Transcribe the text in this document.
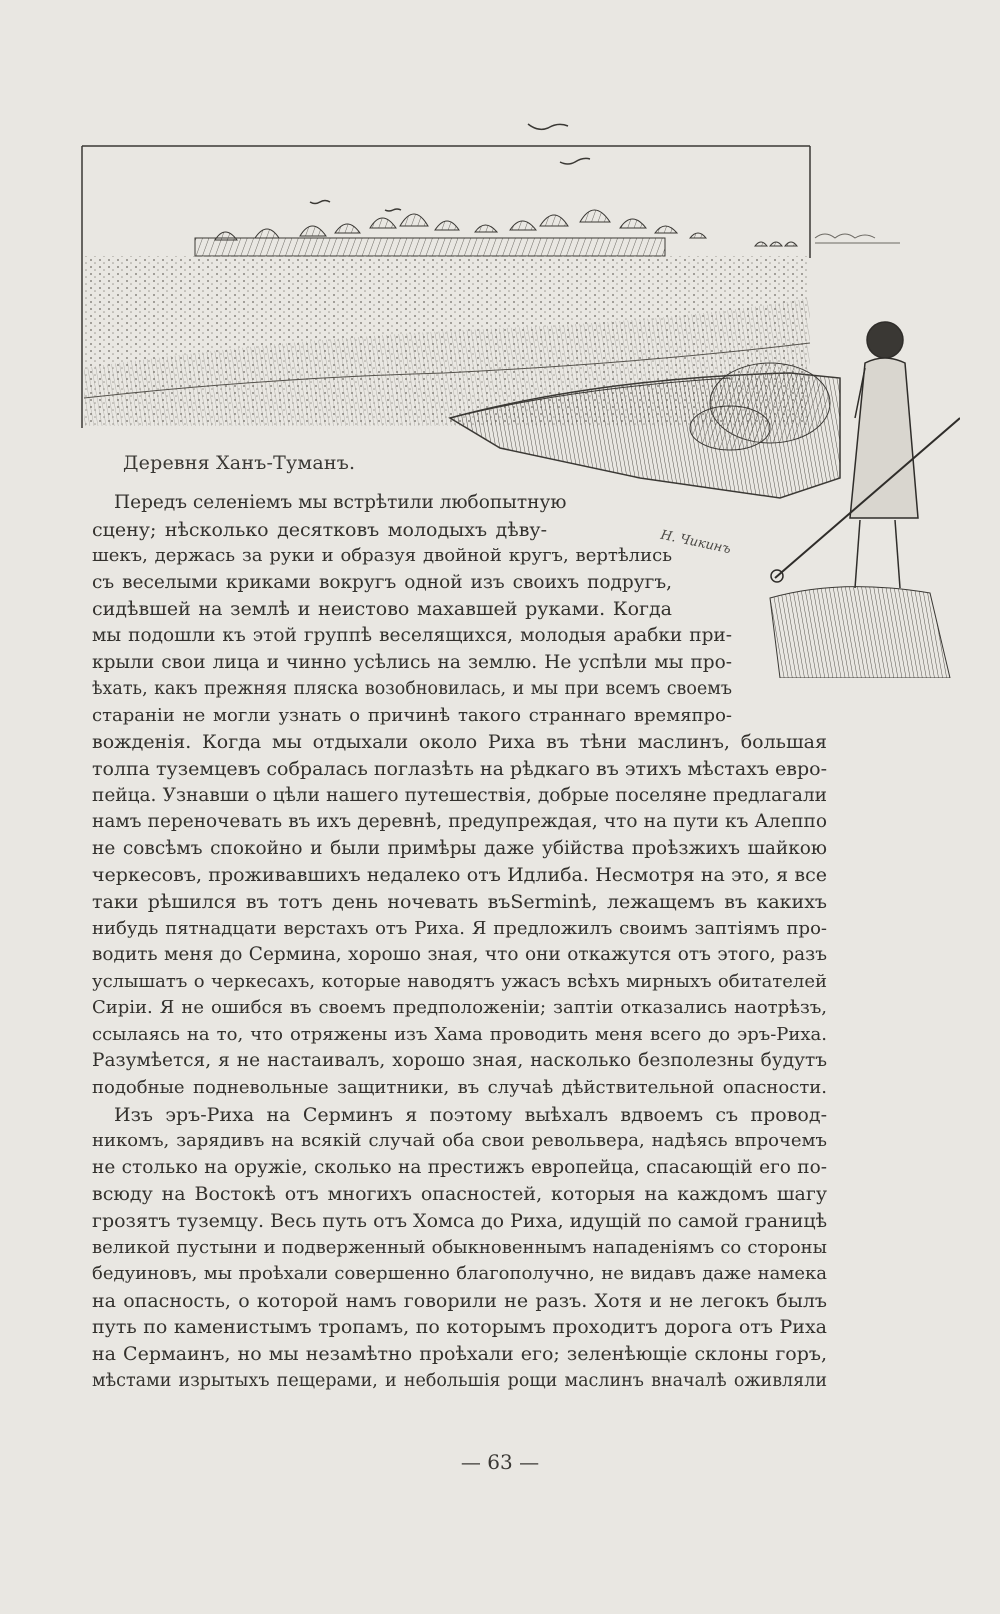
Деревня Ханъ-Туманъ.

Н. Чикинъ
Передъ селеніемъ мы встрѣтили любопытную
сцену; нѣсколько десятковъ молодыхъ дѣву-
шекъ, держась за руки и образуя двойной кругъ, вертѣлись
съ веселыми криками вокругъ одной изъ своихъ подругъ,
сидѣвшей на землѣ и неистово махавшей руками. Когда
мы подошли къ этой группѣ веселящихся, молодыя арабки при-
крыли свои лица и чинно усѣлись на землю. Не успѣли мы про-
ѣхать, какъ прежняя пляска возобновилась, и мы при всемъ своемъ
стараніи не могли узнать о причинѣ такого страннаго времяпро-
вожденія. Когда мы отдыхали около Риха въ тѣни маслинъ, большая
толпа туземцевъ собралась поглазѣть на рѣдкаго въ этихъ мѣстахъ евро-
пейца. Узнавши о цѣли нашего путешествія, добрые поселяне предлагали
намъ переночевать въ ихъ деревнѣ, предупреждая, что на пути къ Алеппо
не совсѣмъ спокойно и были примѣры даже убійства проѣзжихъ шайкою
черкесовъ, проживавшихъ недалеко отъ Идлиба. Несмотря на это, я все
таки рѣшился въ тотъ день ночевать въSerminѣ, лежащемъ въ какихъ
нибудь пятнадцати верстахъ отъ Риха. Я предложилъ своимъ заптіямъ про-
водить меня до Сермина, хорошо зная, что они откажутся отъ этого, разъ
услышатъ о черкесахъ, которые наводятъ ужасъ всѣхъ мирныхъ обитателей
Сиріи. Я не ошибся въ своемъ предположеніи; заптіи отказались наотрѣзъ,
ссылаясь на то, что отряжены изъ Хама проводить меня всего до эръ-Риха.
Разумѣется, я не настаивалъ, хорошо зная, насколько безполезны будутъ
подобные подневольные защитники, въ случаѣ дѣйствительной опасности.
Изъ эръ-Риха на Серминъ я поэтому выѣхалъ вдвоемъ съ провод-
никомъ, зарядивъ на всякій случай оба свои револьвера, надѣясь впрочемъ
не столько на оружіе, сколько на престижъ европейца, спасающій его по-
всюду на Востокѣ отъ многихъ опасностей, которыя на каждомъ шагу
грозятъ туземцу. Весь путь отъ Хомса до Риха, идущій по самой границѣ
великой пустыни и подверженный обыкновеннымъ нападеніямъ со стороны
бедуиновъ, мы проѣхали совершенно благополучно, не видавъ даже намека
на опасность, о которой намъ говорили не разъ. Хотя и не легокъ былъ
путь по каменистымъ тропамъ, по которымъ проходитъ дорога отъ Риха
на Сермаинъ, но мы незамѣтно проѣхали его; зеленѣющіе склоны горъ,
мѣстами изрытыхъ пещерами, и небольшія рощи маслинъ вначалѣ оживляли

— 63 —
